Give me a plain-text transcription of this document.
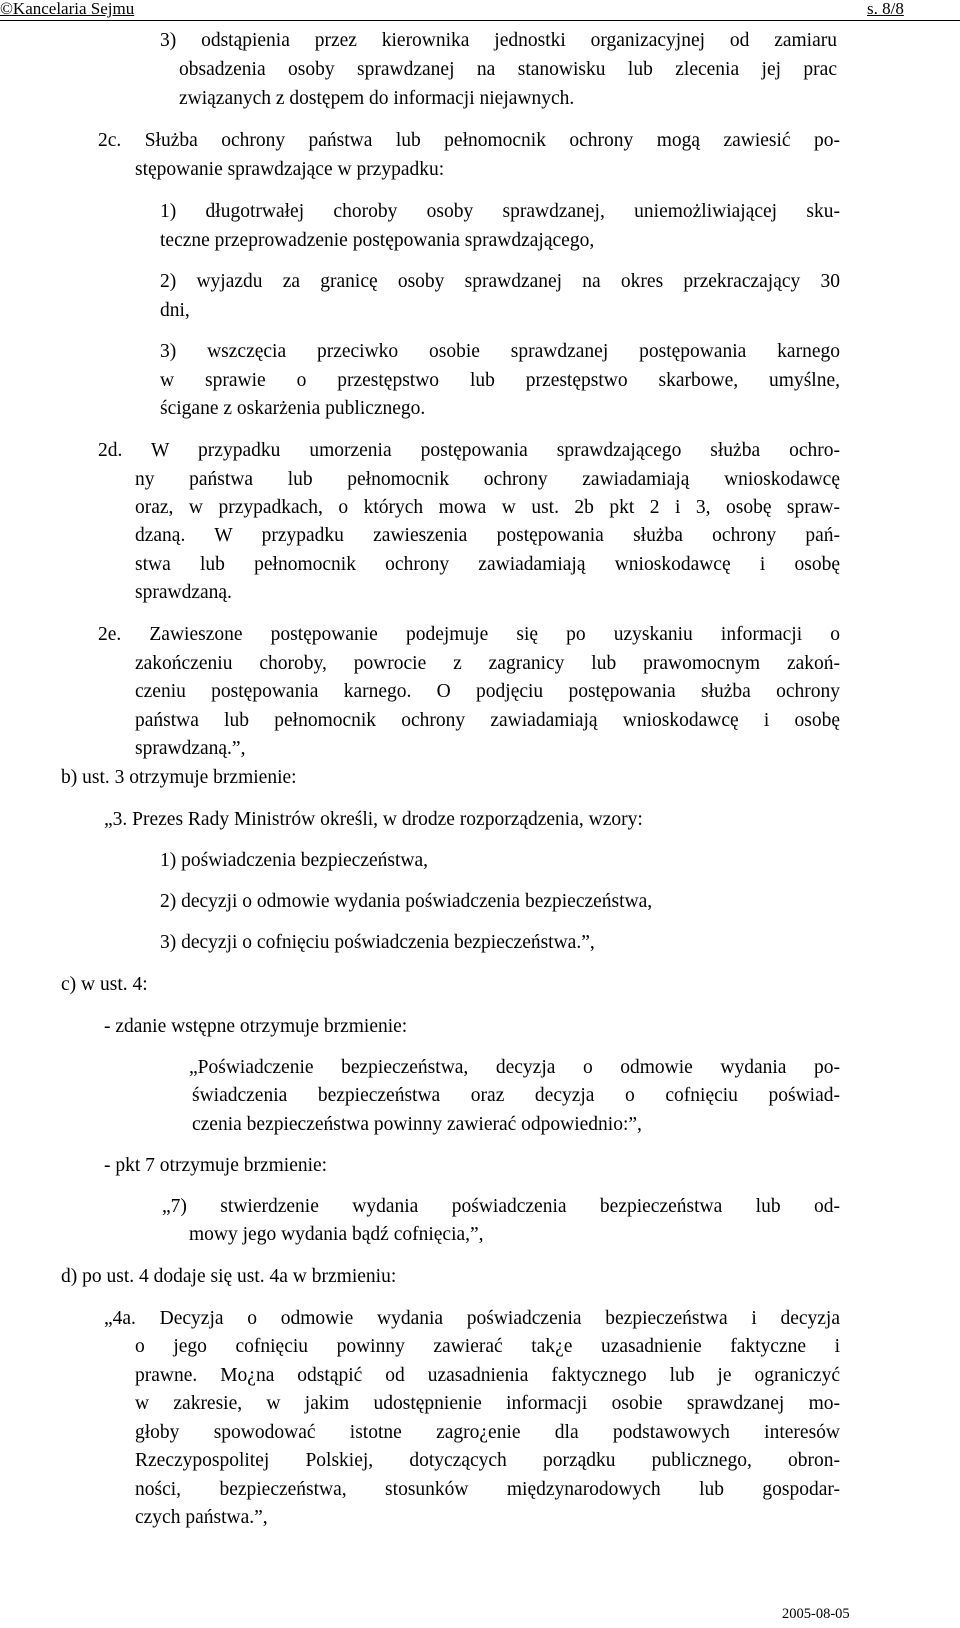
©Kancelaria Sejmu	s. 8/8
3) odstąpienia przez kierownika jednostki organizacyjnej od zamiaru
obsadzenia osoby sprawdzanej na stanowisku lub zlecenia jej prac
związanych z dostępem do informacji niejawnych.
2c. Służba ochrony państwa lub pełnomocnik ochrony mogą zawiesić po-
stępowanie sprawdzające w przypadku:
1) długotrwałej choroby osoby sprawdzanej, uniemożliwiającej sku-
teczne przeprowadzenie postępowania sprawdzającego,
2) wyjazdu za granicę osoby sprawdzanej na okres przekraczający 30
dni,
3) wszczęcia przeciwko osobie sprawdzanej postępowania karnego
w sprawie o przestępstwo lub przestępstwo skarbowe, umyślne,
ścigane z oskarżenia publicznego.
2d. W przypadku umorzenia postępowania sprawdzającego służba ochro-
ny państwa lub pełnomocnik ochrony zawiadamiają wnioskodawcę
oraz, w przypadkach, o których mowa w ust. 2b pkt 2 i 3, osobę spraw-
dzaną. W przypadku zawieszenia postępowania służba ochrony pań-
stwa lub pełnomocnik ochrony zawiadamiają wnioskodawcę i osobę
sprawdzaną.
2e. Zawieszone postępowanie podejmuje się po uzyskaniu informacji o
zakończeniu choroby, powrocie z zagranicy lub prawomocnym zakoń-
czeniu postępowania karnego. O podjęciu postępowania służba ochrony
państwa lub pełnomocnik ochrony zawiadamiają wnioskodawcę i osobę
sprawdzaną.”,
b) ust. 3 otrzymuje brzmienie:
„3. Prezes Rady Ministrów określi, w drodze rozporządzenia, wzory:
1) poświadczenia bezpieczeństwa,
2) decyzji o odmowie wydania poświadczenia bezpieczeństwa,
3) decyzji o cofnięciu poświadczenia bezpieczeństwa.”,
c) w ust. 4:
- zdanie wstępne otrzymuje brzmienie:
„Poświadczenie bezpieczeństwa, decyzja o odmowie wydania po-
świadczenia bezpieczeństwa oraz decyzja o cofnięciu poświad-
czenia bezpieczeństwa powinny zawierać odpowiednio:”,
- pkt 7 otrzymuje brzmienie:
„7) stwierdzenie wydania poświadczenia bezpieczeństwa lub od-
mowy jego wydania bądź cofnięcia,”,
d) po ust. 4 dodaje się ust. 4a w brzmieniu:
„4a. Decyzja o odmowie wydania poświadczenia bezpieczeństwa i decyzja
o jego cofnięciu powinny zawierać tak¿e uzasadnienie faktyczne i
prawne. Mo¿na odstąpić od uzasadnienia faktycznego lub je ograniczyć
w zakresie, w jakim udostępnienie informacji osobie sprawdzanej mo-
głoby spowodować istotne zagro¿enie dla podstawowych interesów
Rzeczypospolitej Polskiej, dotyczących porządku publicznego, obron-
ności, bezpieczeństwa, stosunków międzynarodowych lub gospodar-
czych państwa.”,
2005-08-05
